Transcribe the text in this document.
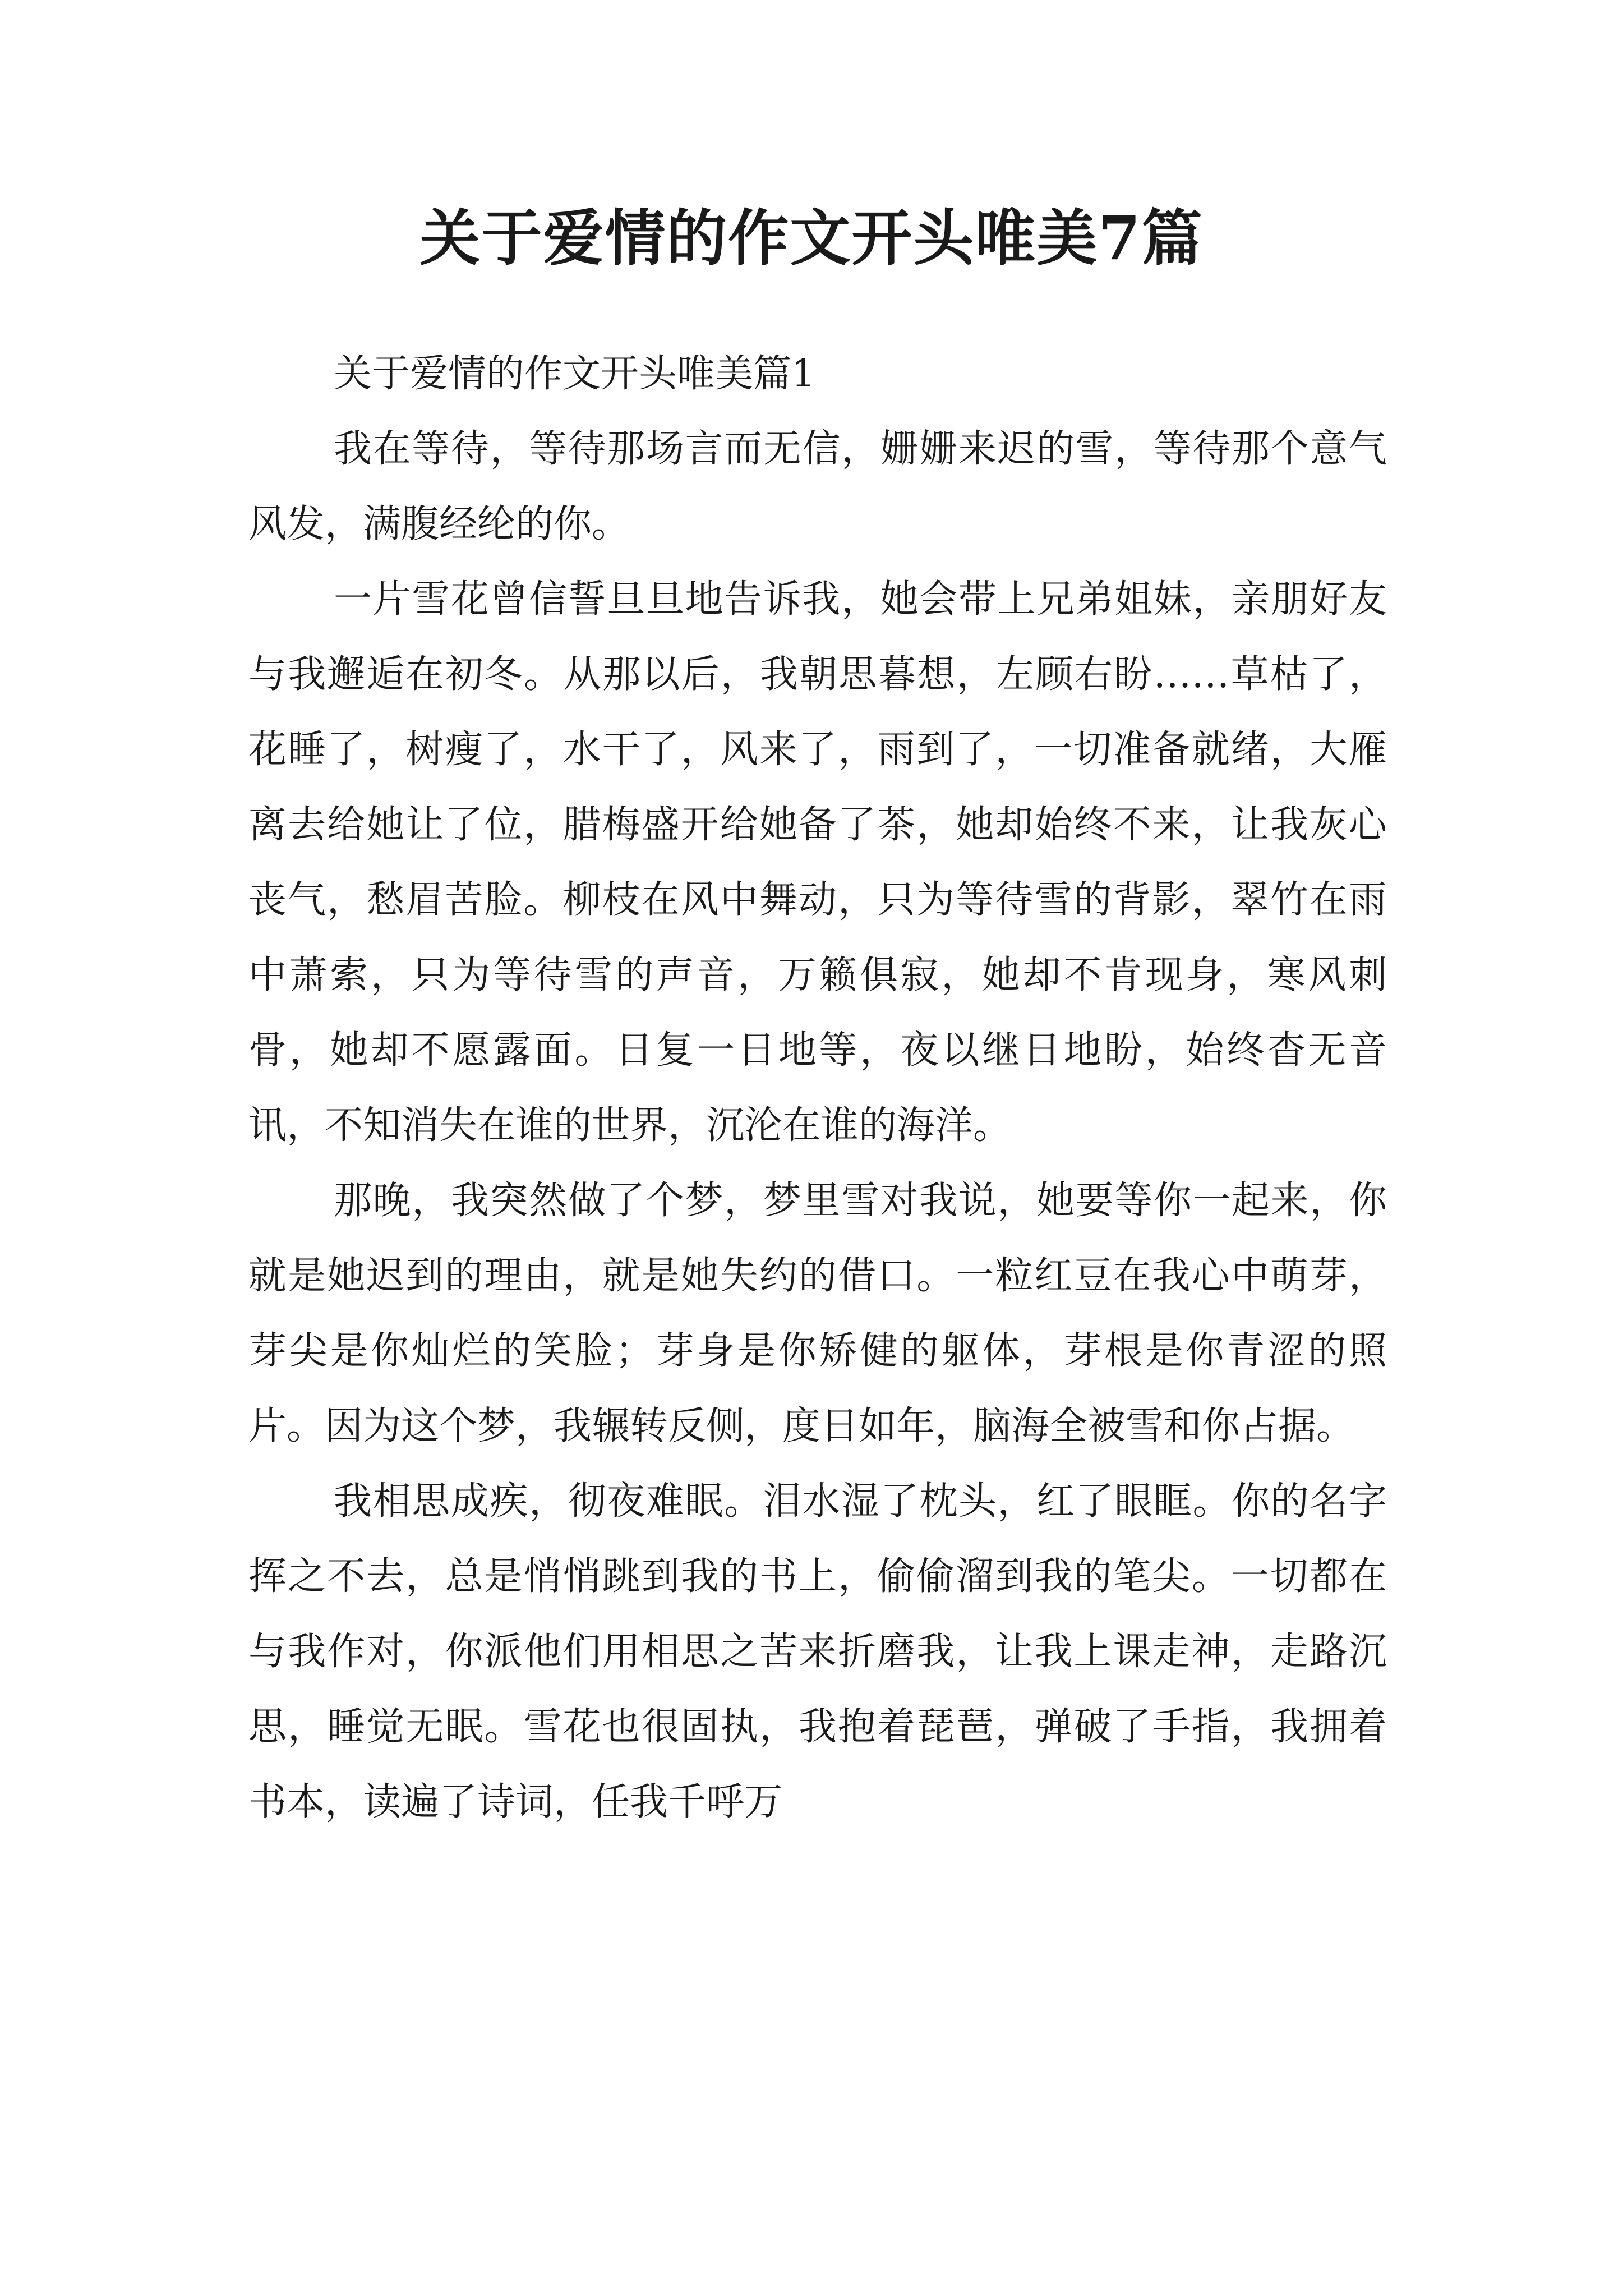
关于爱情的作文开头唯美7篇

关于爱情的作文开头唯美篇1

我在等待，等待那场言而无信，姗姗来迟的雪，等待那个意气风发，满腹经纶的你。

一片雪花曾信誓旦旦地告诉我，她会带上兄弟姐妹，亲朋好友与我邂逅在初冬。从那以后，我朝思暮想，左顾右盼……草枯了，花睡了，树瘦了，水干了，风来了，雨到了，一切准备就绪，大雁离去给她让了位，腊梅盛开给她备了茶，她却始终不来，让我灰心丧气，愁眉苦脸。柳枝在风中舞动，只为等待雪的背影，翠竹在雨中萧索，只为等待雪的声音，万籁俱寂，她却不肯现身，寒风刺骨，她却不愿露面。日复一日地等，夜以继日地盼，始终杳无音讯，不知消失在谁的世界，沉沦在谁的海洋。

那晚，我突然做了个梦，梦里雪对我说，她要等你一起来，你就是她迟到的理由，就是她失约的借口。一粒红豆在我心中萌芽，芽尖是你灿烂的笑脸；芽身是你矫健的躯体，芽根是你青涩的照片。因为这个梦，我辗转反侧，度日如年，脑海全被雪和你占据。

我相思成疾，彻夜难眠。泪水湿了枕头，红了眼眶。你的名字挥之不去，总是悄悄跳到我的书上，偷偷溜到我的笔尖。一切都在与我作对，你派他们用相思之苦来折磨我，让我上课走神，走路沉思，睡觉无眠。雪花也很固执，我抱着琵琶，弹破了手指，我拥着书本，读遍了诗词，任我千呼万
